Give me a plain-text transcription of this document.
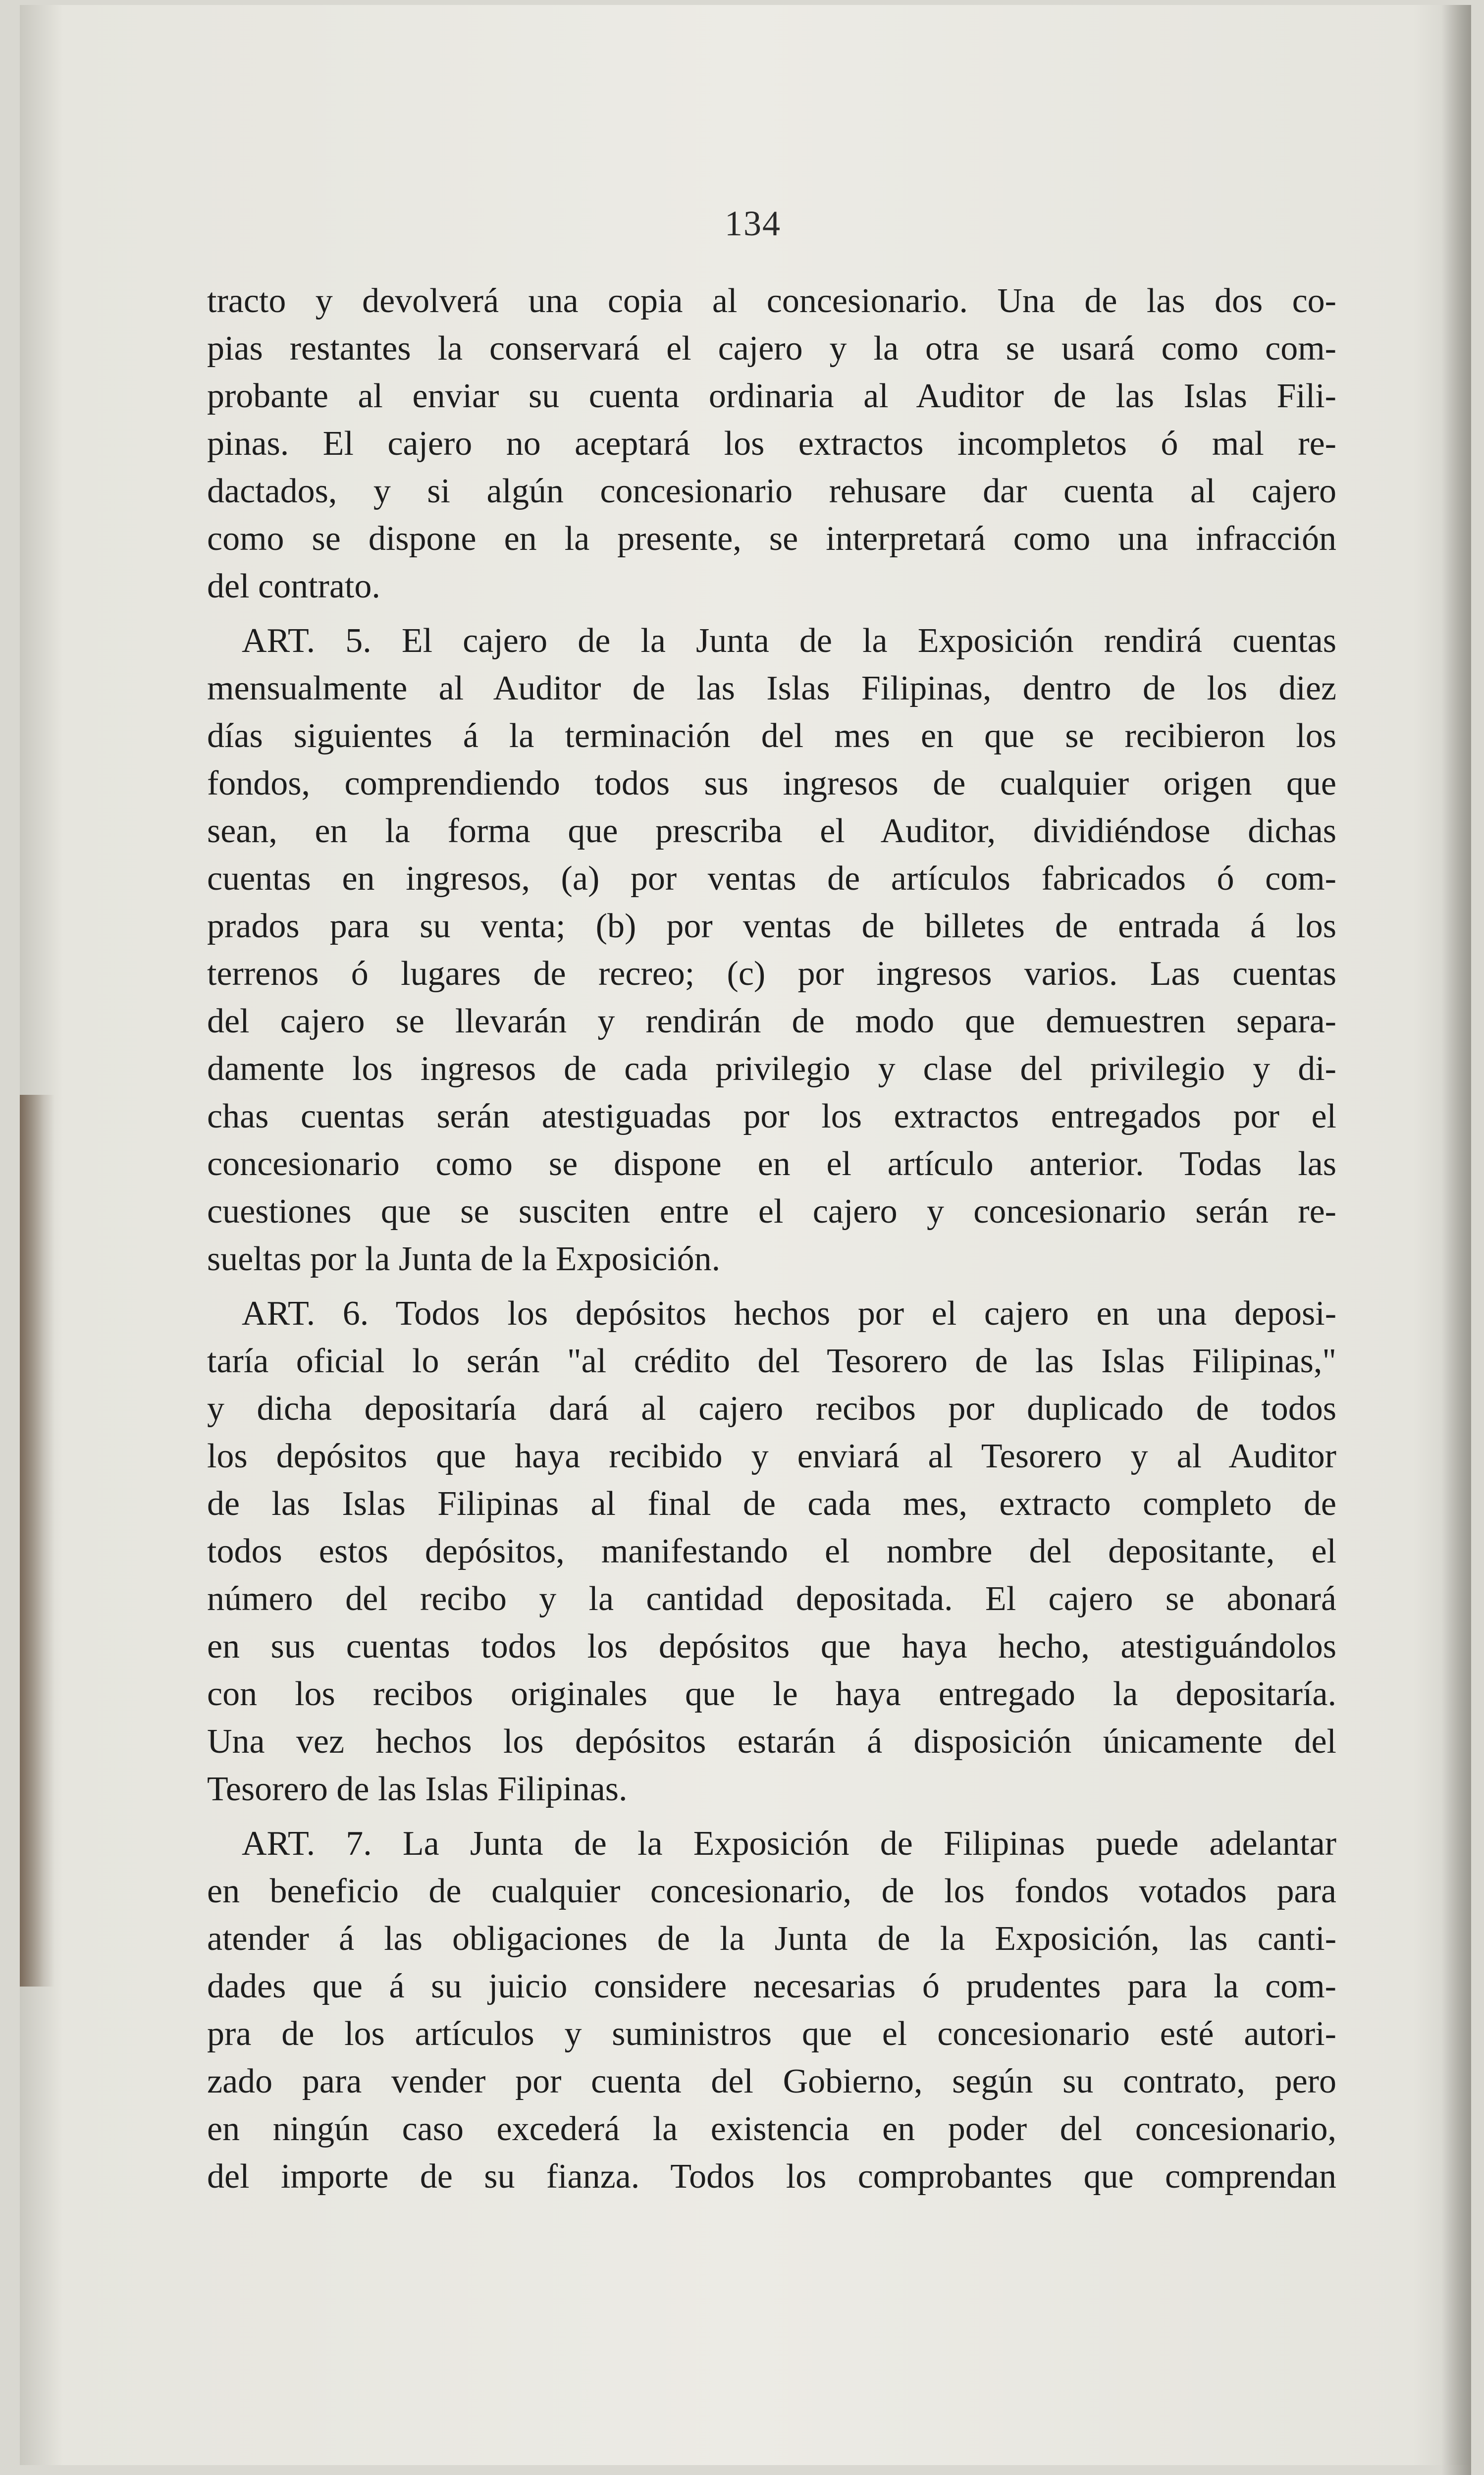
134
tracto y devolverá una copia al concesionario. Una de las dos co-
pias restantes la conservará el cajero y la otra se usará como com-
probante al enviar su cuenta ordinaria al Auditor de las Islas Fili-
pinas. El cajero no aceptará los extractos incompletos ó mal re-
dactados, y si algún concesionario rehusare dar cuenta al cajero
como se dispone en la presente, se interpretará como una infracción
del contrato.
ART. 5. El cajero de la Junta de la Exposición rendirá cuentas
mensualmente al Auditor de las Islas Filipinas, dentro de los diez
días siguientes á la terminación del mes en que se recibieron los
fondos, comprendiendo todos sus ingresos de cualquier origen que
sean, en la forma que prescriba el Auditor, dividiéndose dichas
cuentas en ingresos, (a) por ventas de artículos fabricados ó com-
prados para su venta; (b) por ventas de billetes de entrada á los
terrenos ó lugares de recreo; (c) por ingresos varios. Las cuentas
del cajero se llevarán y rendirán de modo que demuestren separa-
damente los ingresos de cada privilegio y clase del privilegio y di-
chas cuentas serán atestiguadas por los extractos entregados por el
concesionario como se dispone en el artículo anterior. Todas las
cuestiones que se susciten entre el cajero y concesionario serán re-
sueltas por la Junta de la Exposición.
ART. 6. Todos los depósitos hechos por el cajero en una deposi-
taría oficial lo serán "al crédito del Tesorero de las Islas Filipinas,"
y dicha depositaría dará al cajero recibos por duplicado de todos
los depósitos que haya recibido y enviará al Tesorero y al Auditor
de las Islas Filipinas al final de cada mes, extracto completo de
todos estos depósitos, manifestando el nombre del depositante, el
número del recibo y la cantidad depositada. El cajero se abonará
en sus cuentas todos los depósitos que haya hecho, atestiguándolos
con los recibos originales que le haya entregado la depositaría.
Una vez hechos los depósitos estarán á disposición únicamente del
Tesorero de las Islas Filipinas.
ART. 7. La Junta de la Exposición de Filipinas puede adelantar
en beneficio de cualquier concesionario, de los fondos votados para
atender á las obligaciones de la Junta de la Exposición, las canti-
dades que á su juicio considere necesarias ó prudentes para la com-
pra de los artículos y suministros que el concesionario esté autori-
zado para vender por cuenta del Gobierno, según su contrato, pero
en ningún caso excederá la existencia en poder del concesionario,
del importe de su fianza. Todos los comprobantes que comprendan
